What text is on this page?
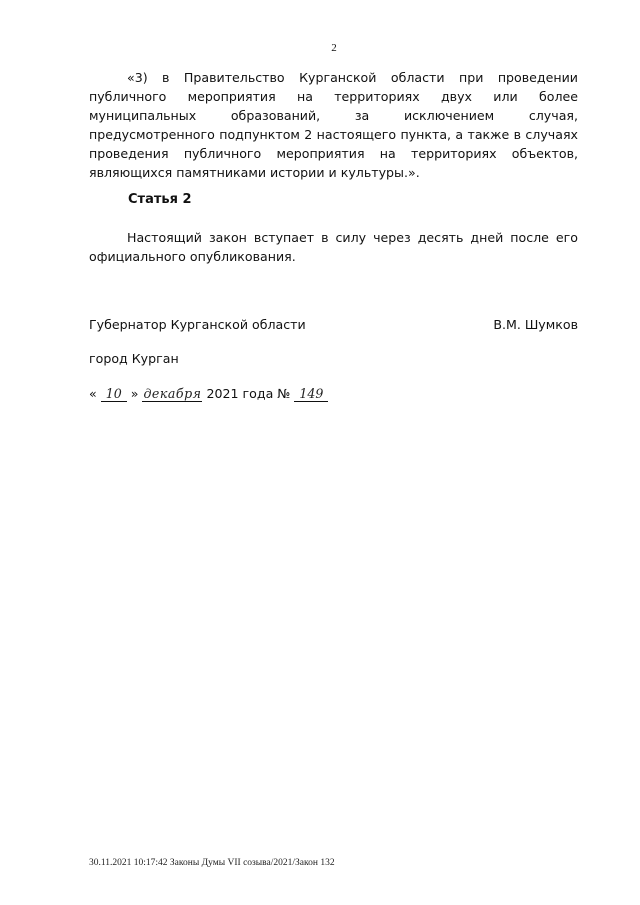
2

«3) в Правительство Курганской области при проведении публичного мероприятия на территориях двух или более муниципальных образований, за исключением случая, предусмотренного подпунктом 2 настоящего пункта, а также в случаях проведения публичного мероприятия на территориях объектов, являющихся памятниками истории и культуры.».

Статья 2

Настоящий закон вступает в силу через десять дней после его официального опубликования.

Губернатор Курганской области	В.М. Шумков
город Курган
« 10 » декабря 2021 года № 149
30.11.2021 10:17:42 Законы Думы VII созыва/2021/Закон 132
